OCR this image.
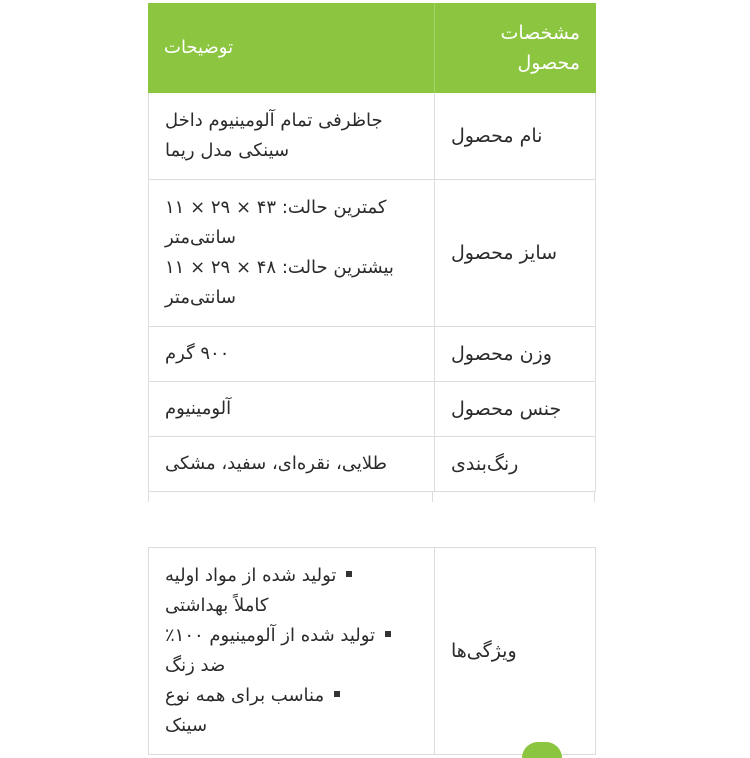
مشخصات محصول
توضیحات
نام محصول
جاظرفی تمام آلومینیوم داخل
سینکی مدل ریما
سایز محصول
کمترین حالت: ۴۳ × ۲۹ × ۱۱
سانتی‌متر
بیشترین حالت: ۴۸ × ۲۹ × ۱۱
سانتی‌متر
وزن محصول
۹۰۰ گرم
جنس محصول
آلومینیوم
رنگ‌بندی
طلایی، نقره‌ای، سفید، مشکی
ویژگی‌ها
تولید شده از مواد اولیه
کاملاً بهداشتی
تولید شده از آلومینیوم ۱۰۰٪
ضد زنگ
مناسب برای همه نوع
سینک
